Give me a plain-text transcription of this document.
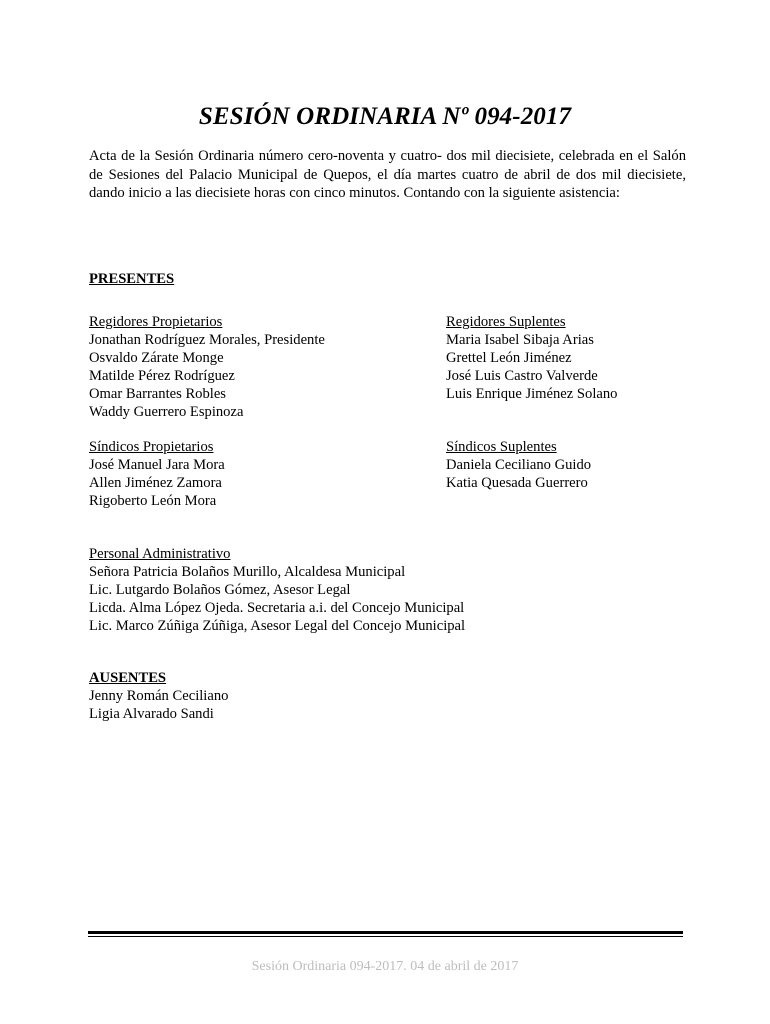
SESIÓN ORDINARIA Nº 094-2017

Acta de la Sesión Ordinaria número cero-noventa y cuatro- dos mil diecisiete, celebrada en el Salón de Sesiones del Palacio Municipal de Quepos, el día martes cuatro de abril de dos mil diecisiete, dando inicio a las diecisiete horas con cinco minutos. Contando con la siguiente asistencia:

PRESENTES
Regidores Propietarios
Jonathan Rodríguez Morales, Presidente
Osvaldo Zárate Monge
Matilde Pérez Rodríguez
Omar Barrantes Robles
Waddy Guerrero Espinoza
Regidores Suplentes
Maria Isabel Sibaja Arias
Grettel León Jiménez
José Luis Castro Valverde
Luis Enrique Jiménez Solano
Síndicos Propietarios
José Manuel Jara Mora
Allen Jiménez Zamora
Rigoberto León Mora
Síndicos Suplentes
Daniela Ceciliano Guido
Katia Quesada Guerrero
Personal Administrativo
Señora Patricia Bolaños Murillo, Alcaldesa Municipal
Lic. Lutgardo Bolaños Gómez, Asesor Legal
Licda. Alma López Ojeda. Secretaria a.i. del Concejo Municipal
Lic. Marco Zúñiga Zúñiga, Asesor Legal del Concejo Municipal
AUSENTES
Jenny Román Ceciliano
Ligia Alvarado Sandi
Sesión Ordinaria 094-2017. 04 de abril de 2017
